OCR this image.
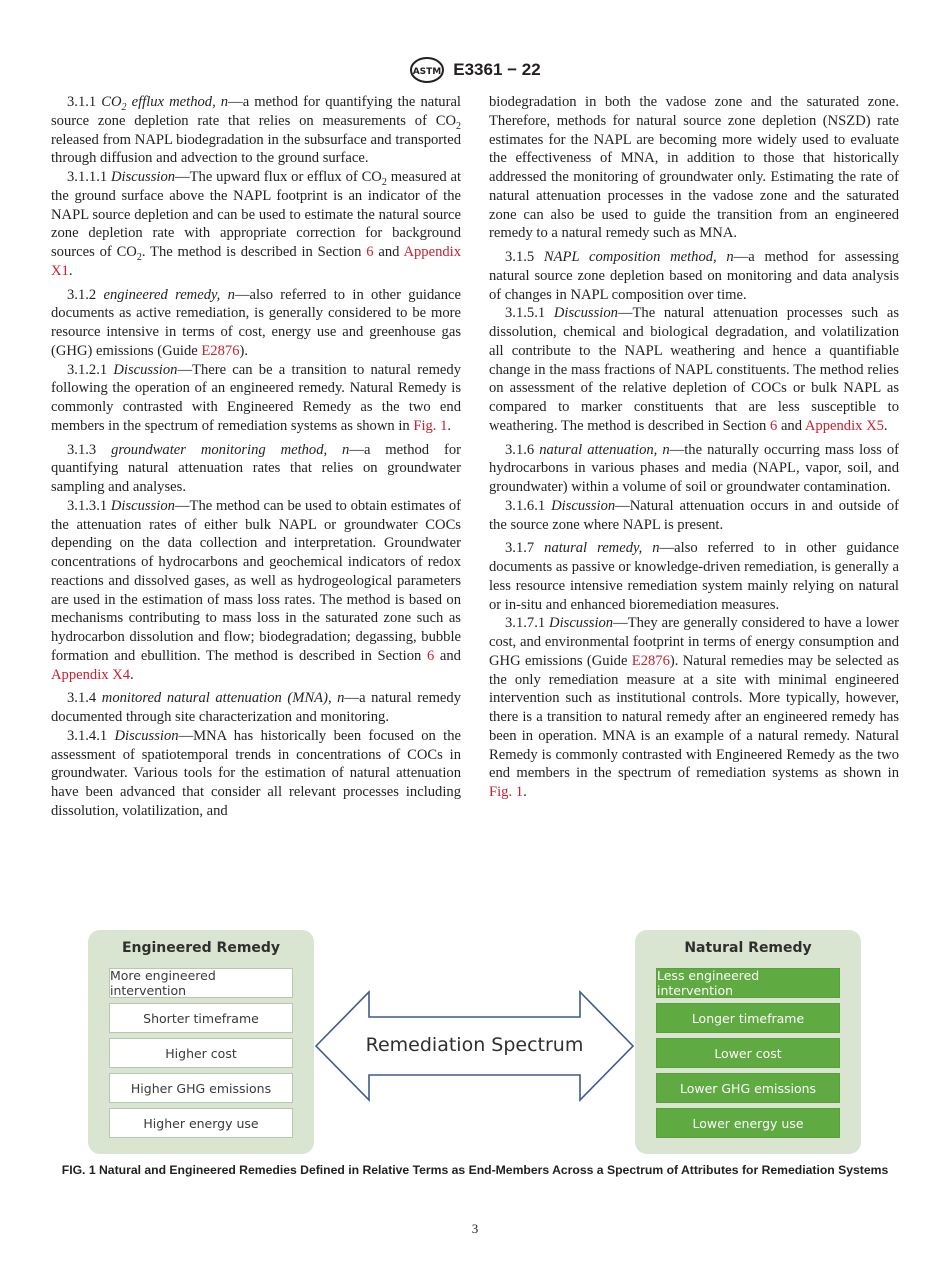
ASTM E3361 − 22

3.1.1 $CO_2$ efflux method, n—a method for quantifying the natural source zone depletion rate that relies on measurements of $CO_2$ released from NAPL biodegradation in the subsurface and transported through diffusion and advection to the ground surface.

3.1.1.1 Discussion—The upward flux or efflux of $CO_2$ measured at the ground surface above the NAPL footprint is an indicator of the NAPL source depletion and can be used to estimate the natural source zone depletion rate with appropriate correction for background sources of $CO_2$. The method is described in Section 6 and Appendix X1.

3.1.2 engineered remedy, n—also referred to in other guidance documents as active remediation, is generally considered to be more resource intensive in terms of cost, energy use and greenhouse gas (GHG) emissions (Guide E2876).

3.1.2.1 Discussion—There can be a transition to natural remedy following the operation of an engineered remedy. Natural Remedy is commonly contrasted with Engineered Remedy as the two end members in the spectrum of remediation systems as shown in Fig. 1.

3.1.3 groundwater monitoring method, n—a method for quantifying natural attenuation rates that relies on groundwater sampling and analyses.

3.1.3.1 Discussion—The method can be used to obtain estimates of the attenuation rates of either bulk NAPL or groundwater COCs depending on the data collection and interpretation. Groundwater concentrations of hydrocarbons and geochemical indicators of redox reactions and dissolved gases, as well as hydrogeological parameters are used in the estimation of mass loss rates. The method is based on mechanisms contributing to mass loss in the saturated zone such as hydrocarbon dissolution and flow; biodegradation; degassing, bubble formation and ebullition. The method is described in Section 6 and Appendix X4.

3.1.4 monitored natural attenuation (MNA), n—a natural remedy documented through site characterization and monitoring.

3.1.4.1 Discussion—MNA has historically been focused on the assessment of spatiotemporal trends in concentrations of COCs in groundwater. Various tools for the estimation of natural attenuation have been advanced that consider all relevant processes including dissolution, volatilization, and

biodegradation in both the vadose zone and the saturated zone. Therefore, methods for natural source zone depletion (NSZD) rate estimates for the NAPL are becoming more widely used to evaluate the effectiveness of MNA, in addition to those that historically addressed the monitoring of groundwater only. Estimating the rate of natural attenuation processes in the vadose zone and the saturated zone can also be used to guide the transition from an engineered remedy to a natural remedy such as MNA.

3.1.5 NAPL composition method, n—a method for assessing natural source zone depletion based on monitoring and data analysis of changes in NAPL composition over time.

3.1.5.1 Discussion—The natural attenuation processes such as dissolution, chemical and biological degradation, and volatilization all contribute to the NAPL weathering and hence a quantifiable change in the mass fractions of NAPL constituents. The method relies on assessment of the relative depletion of COCs or bulk NAPL as compared to marker constituents that are less susceptible to weathering. The method is described in Section 6 and Appendix X5.

3.1.6 natural attenuation, n—the naturally occurring mass loss of hydrocarbons in various phases and media (NAPL, vapor, soil, and groundwater) within a volume of soil or groundwater contamination.

3.1.6.1 Discussion—Natural attenuation occurs in and outside of the source zone where NAPL is present.

3.1.7 natural remedy, n—also referred to in other guidance documents as passive or knowledge-driven remediation, is generally a less resource intensive remediation system mainly relying on natural or in-situ and enhanced bioremediation measures.

3.1.7.1 Discussion—They are generally considered to have a lower cost, and environmental footprint in terms of energy consumption and GHG emissions (Guide E2876). Natural remedies may be selected as the only remediation measure at a site with minimal engineered intervention such as institutional controls. More typically, however, there is a transition to natural remedy after an engineered remedy has been in operation. MNA is an example of a natural remedy. Natural Remedy is commonly contrasted with Engineered Remedy as the two end members in the spectrum of remediation systems as shown in Fig. 1.

Engineered Remedy
More engineered intervention
Shorter timeframe
Higher cost
Higher GHG emissions
Higher energy use
Remediation Spectrum
Natural Remedy
Less engineered intervention
Longer timeframe
Lower cost
Lower GHG emissions
Lower energy use
FIG. 1 Natural and Engineered Remedies Defined in Relative Terms as End-Members Across a Spectrum of Attributes for Remediation Systems
3
